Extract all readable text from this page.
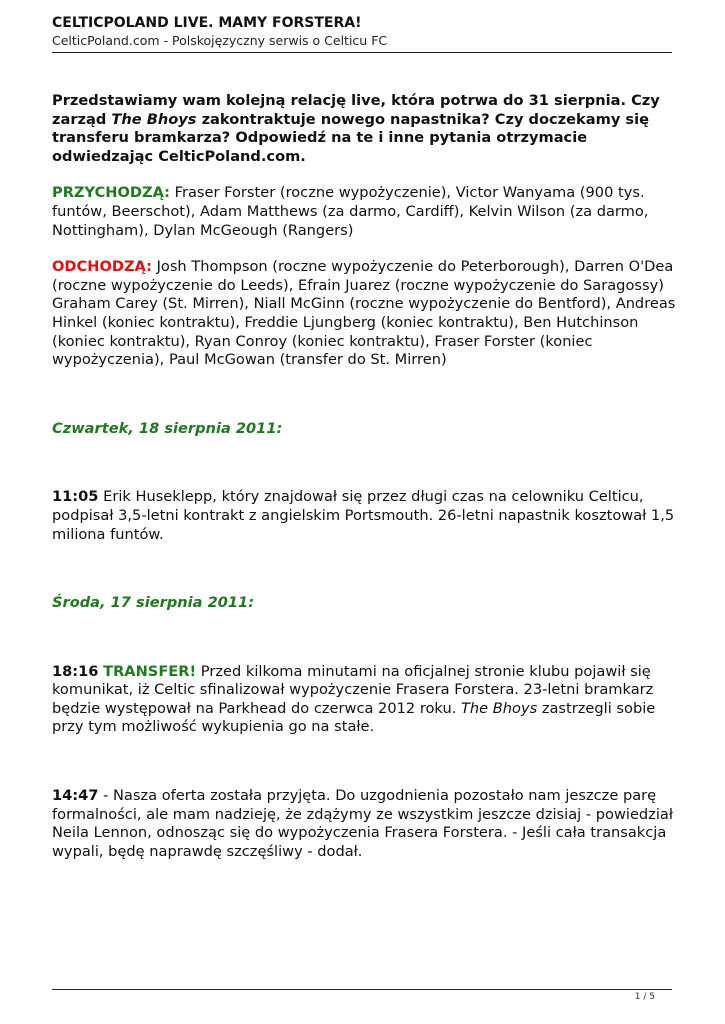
CELTICPOLAND LIVE. MAMY FORSTERA!
CelticPoland.com - Polskojęzyczny serwis o Celticu FC

Przedstawiamy wam kolejną relację live, która potrwa do 31 sierpnia. Czy zarząd The Bhoys zakontraktuje nowego napastnika? Czy doczekamy się transferu bramkarza? Odpowiedź na te i inne pytania otrzymacie odwiedzając CelticPoland.com.

PRZYCHODZĄ: Fraser Forster (roczne wypożyczenie), Victor Wanyama (900 tys. funtów, Beerschot), Adam Matthews (za darmo, Cardiff), Kelvin Wilson (za darmo, Nottingham), Dylan McGeough (Rangers)

ODCHODZĄ: Josh Thompson (roczne wypożyczenie do Peterborough), Darren O'Dea (roczne wypożyczenie do Leeds), Efrain Juarez (roczne wypożyczenie do Saragossy) Graham Carey (St. Mirren), Niall McGinn (roczne wypożyczenie do Bentford), Andreas Hinkel (koniec kontraktu), Freddie Ljungberg (koniec kontraktu), Ben Hutchinson (koniec kontraktu), Ryan Conroy (koniec kontraktu), Fraser Forster (koniec wypożyczenia), Paul McGowan (transfer do St. Mirren)

Czwartek, 18 sierpnia 2011:

11:05 Erik Huseklepp, który znajdował się przez długi czas na celowniku Celticu, podpisał 3,5-letni kontrakt z angielskim Portsmouth. 26-letni napastnik kosztował 1,5 miliona funtów.

Środa, 17 sierpnia 2011:

18:16 TRANSFER! Przed kilkoma minutami na oficjalnej stronie klubu pojawił się komunikat, iż Celtic sfinalizował wypożyczenie Frasera Forstera. 23-letni bramkarz będzie występował na Parkhead do czerwca 2012 roku. The Bhoys zastrzegli sobie przy tym możliwość wykupienia go na stałe.

14:47 - Nasza oferta została przyjęta. Do uzgodnienia pozostało nam jeszcze parę formalności, ale mam nadzieję, że zdążymy ze wszystkim jeszcze dzisiaj - powiedział Neila Lennon, odnosząc się do wypożyczenia Frasera Forstera. - Jeśli cała transakcja wypali, będę naprawdę szczęśliwy - dodał.

1 / 5
